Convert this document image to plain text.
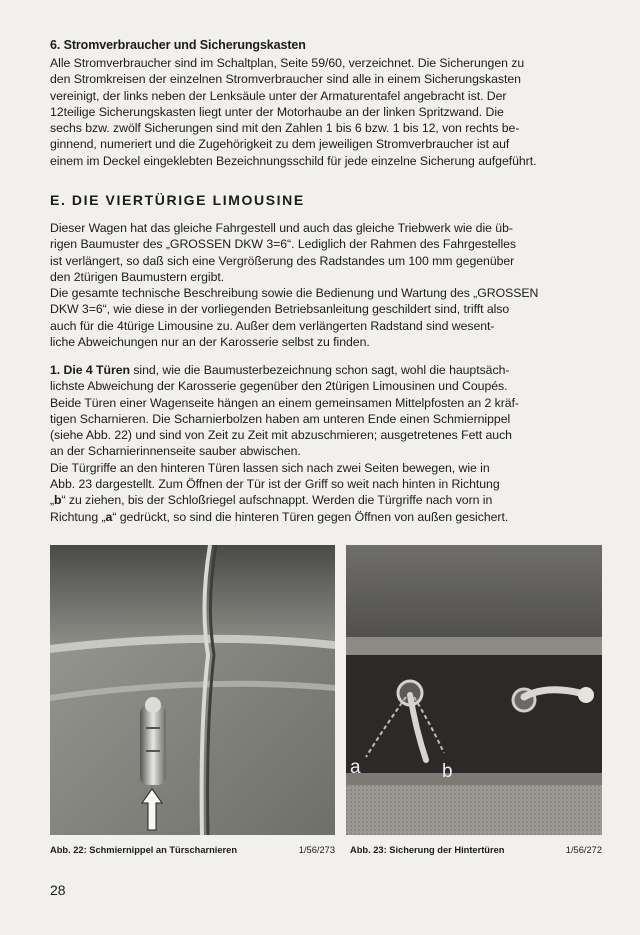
6. Stromverbraucher und Sicherungskasten

Alle Stromverbraucher sind im Schaltplan, Seite 59/60, verzeichnet. Die Sicherungen zu

den Stromkreisen der einzelnen Stromverbraucher sind alle in einem Sicherungskasten

vereinigt, der links neben der Lenksäule unter der Armaturentafel angebracht ist. Der

12teilige Sicherungskasten liegt unter der Motorhaube an der linken Spritzwand. Die

sechs bzw. zwölf Sicherungen sind mit den Zahlen 1 bis 6 bzw. 1 bis 12, von rechts be-

ginnend, numeriert und die Zugehörigkeit zu dem jeweiligen Stromverbraucher ist auf

einem im Deckel eingeklebten Bezeichnungsschild für jede einzelne Sicherung aufgeführt.

E. DIE VIERTÜRIGE LIMOUSINE

Dieser Wagen hat das gleiche Fahrgestell und auch das gleiche Triebwerk wie die üb-

rigen Baumuster des „GROSSEN DKW 3=6“. Lediglich der Rahmen des Fahrgestelles

ist verlängert, so daß sich eine Vergrößerung des Radstandes um 100 mm gegenüber

den 2türigen Baumustern ergibt.

Die gesamte technische Beschreibung sowie die Bedienung und Wartung des „GROSSEN

DKW 3=6“, wie diese in der vorliegenden Betriebsanleitung geschildert sind, trifft also

auch für die 4türige Limousine zu. Außer dem verlängerten Radstand sind wesent-

liche Abweichungen nur an der Karosserie selbst zu finden.

1. Die 4 Türen sind, wie die Baumusterbezeichnung schon sagt, wohl die hauptsäch-

lichste Abweichung der Karosserie gegenüber den 2türigen Limousinen und Coupés.

Beide Türen einer Wagenseite hängen an einem gemeinsamen Mittelpfosten an 2 kräf-

tigen Scharnieren. Die Scharnierbolzen haben am unteren Ende einen Schmiernippel

(siehe Abb. 22) und sind von Zeit zu Zeit mit abzuschmieren; ausgetretenes Fett auch

an der Scharnierinnenseite sauber abwischen.

Die Türgriffe an den hinteren Türen lassen sich nach zwei Seiten bewegen, wie in

Abb. 23 dargestellt. Zum Öffnen der Tür ist der Griff so weit nach hinten in Richtung

„b“ zu ziehen, bis der Schloßriegel aufschnappt. Werden die Türgriffe nach vorn in

Richtung „a“ gedrückt, so sind die hinteren Türen gegen Öffnen von außen gesichert.

a	b
Abb. 22: Schmiernippel an Türscharnieren	1/56/273 Abb. 23: Sicherung der Hintertüren	1/56/272
28
